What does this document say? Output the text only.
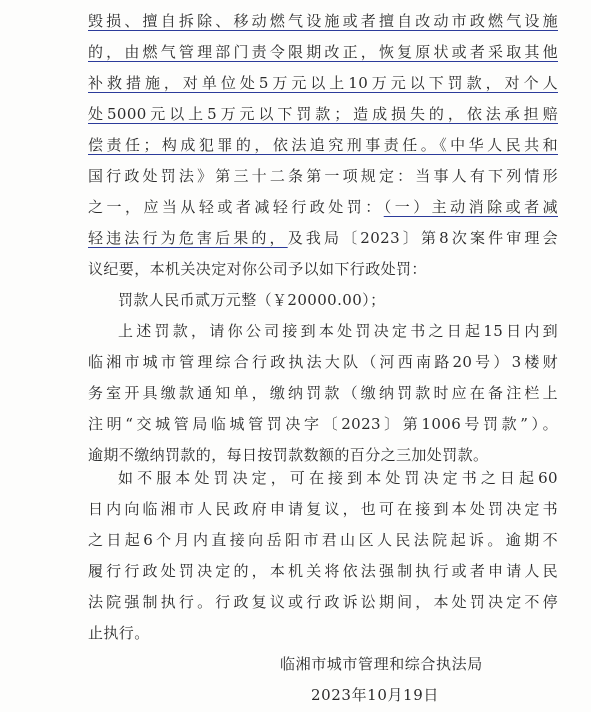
毁损、擅自拆除、移动燃气设施或者擅自改动市政燃气设施
的，由燃气管理部门责令限期改正，恢复原状或者采取其他
补救措施，对单位处5万元以上10万元以下罚款，对个人
处5000元以上5万元以下罚款；造成损失的，依法承担赔
偿责任；构成犯罪的，依法追究刑事责任。《中华人民共和
国行政处罚法》第三十二条第一项规定：当事人有下列情形
之一，应当从轻或者减轻行政处罚：（一）主动消除或者减
轻违法行为危害后果的，及我局〔2023〕第8次案件审理会
议纪要，本机关决定对你公司予以如下行政处罚：
罚款人民币贰万元整（￥20000.00）；
上述罚款，请你公司接到本处罚决定书之日起15日内到
临湘市城市管理综合行政执法大队（河西南路20号）3楼财
务室开具缴款通知单，缴纳罚款（缴纳罚款时应在备注栏上
注明“交城管局临城管罚决字〔2023〕第1006号罚款”）。
逾期不缴纳罚款的，每日按罚款数额的百分之三加处罚款。
如不服本处罚决定，可在接到本处罚决定书之日起60
日内向临湘市人民政府申请复议，也可在接到本处罚决定书
之日起6个月内直接向岳阳市君山区人民法院起诉。逾期不
履行行政处罚决定的，本机关将依法强制执行或者申请人民
法院强制执行。行政复议或行政诉讼期间，本处罚决定不停
止执行。
临湘市城市管理和综合执法局
2023年10月19日
